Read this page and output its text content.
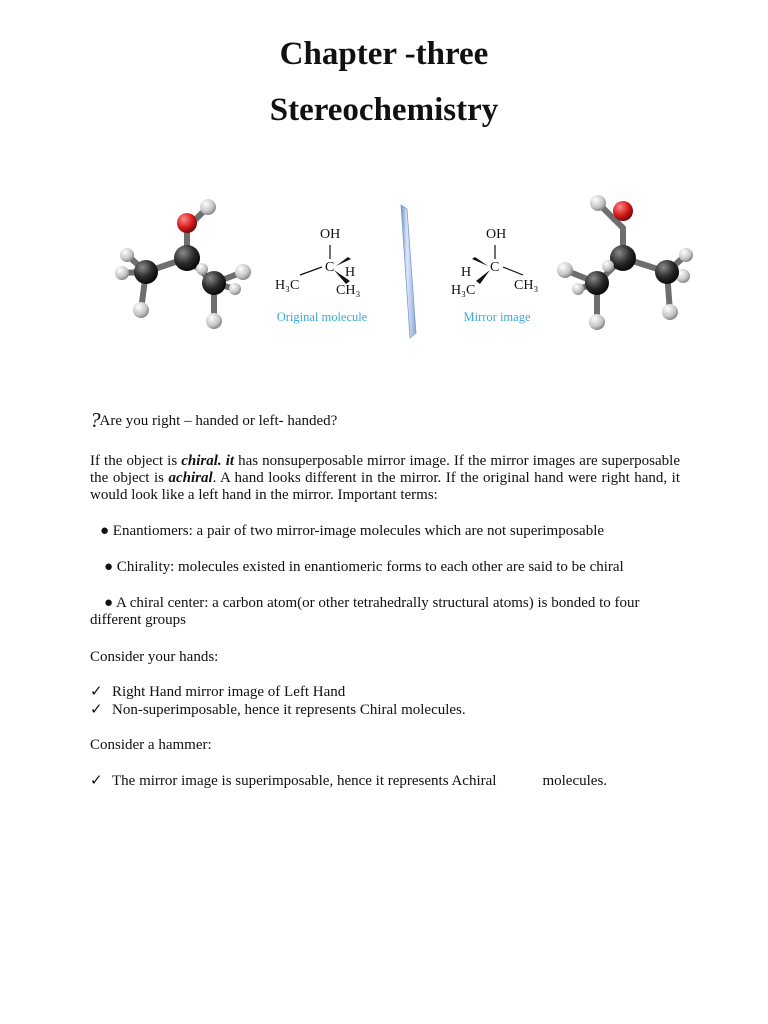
Chapter -three
Stereochemistry
OH
C H
H₃C	CH₃
Original molecule
OH
C
H
H₃C	CH₃
Mirror image

?Are you right – handed or left- handed?

If the object is chiral. it has nonsuperposable mirror image. If the mirror images are superposable the object is achiral. A hand looks different in the mirror. If the original hand were right hand, it would look like a left hand in the mirror. Important terms:

● Enantiomers: a pair of two mirror-image molecules which are not superimposable

● Chirality: molecules existed in enantiomeric forms to each other are said to be chiral

● A chiral center: a carbon atom(or other tetrahedrally structural atoms) is bonded to four different groups

Consider your hands:

✓ Right Hand mirror image of Left Hand

✓ Non-superimposable, hence it represents Chiral molecules.

Consider a hammer:

✓ The mirror image is superimposable, hence it represents Achiral	molecules.
